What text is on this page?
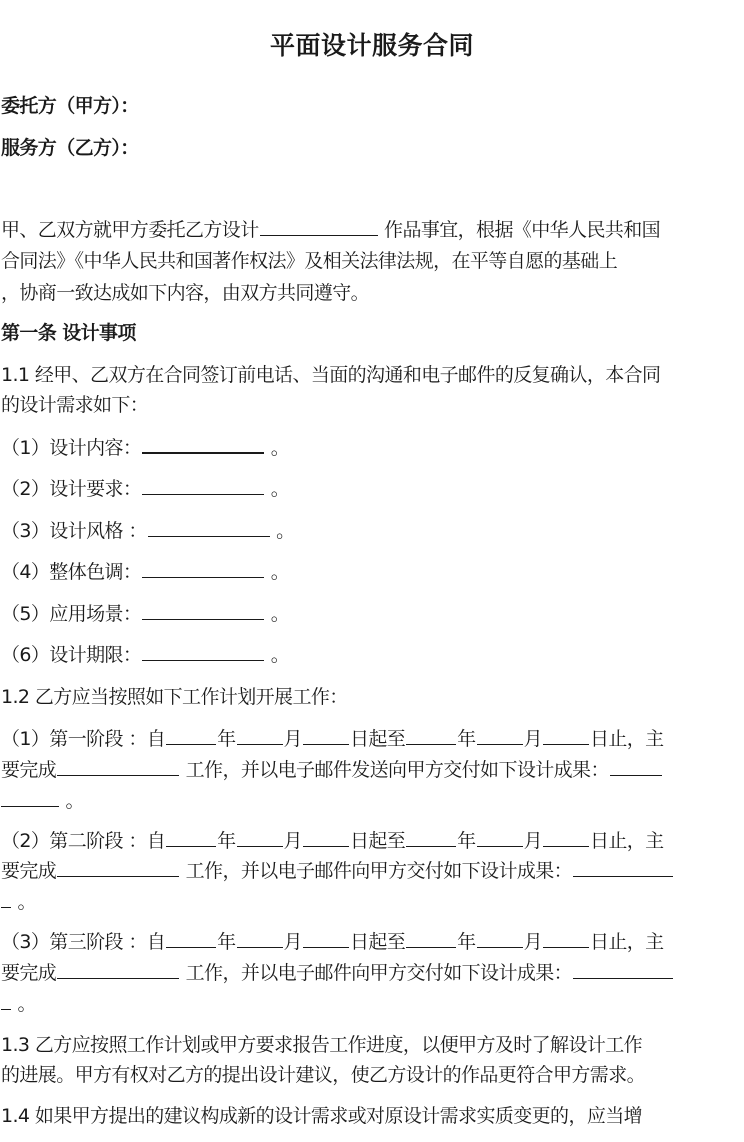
平面设计服务合同
委托方（甲方）：
服务方（乙方）：
甲、乙双方就甲方委托乙方设计	作品事宜，根据《中华人民共和国
合同法》《中华人民共和国著作权法》及相关法律法规，在平等自愿的基础上
，协商一致达成如下内容，由双方共同遵守。
第一条 设计事项
1.1 经甲、乙双方在合同签订前电话、当面的沟通和电子邮件的反复确认，本合同
的设计需求如下：
（1）设计内容：	。
（2）设计要求：	。
（3）设计风格 ：	。
（4）整体色调：	。
（5）应用场景：	。
（6）设计期限：	。
1.2 乙方应当按照如下工作计划开展工作：
（1）第一阶段 ：自	年	月	日起至	年	月	日止，主
要完成	工作，并以电子邮件发送向甲方交付如下设计成果：
。
（2）第二阶段 ：自	年	月	日起至	年	月	日止，主
要完成	工作，并以电子邮件向甲方交付如下设计成果：
。
（3）第三阶段 ：自	年	月	日起至	年	月	日止，主
要完成	工作，并以电子邮件向甲方交付如下设计成果：
。
1.3 乙方应按照工作计划或甲方要求报告工作进度，以便甲方及时了解设计工作
的进展。甲方有权对乙方的提出设计建议，使乙方设计的作品更符合甲方需求。
1.4 如果甲方提出的建议构成新的设计需求或对原设计需求实质变更的，应当增
